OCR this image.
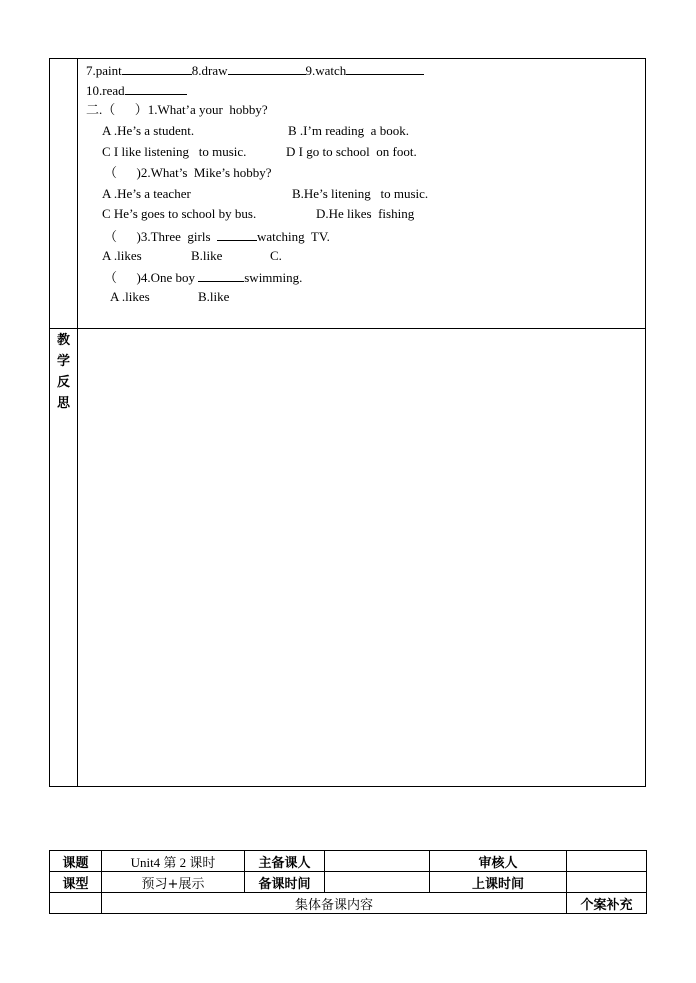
7.paint	8.draw	9.watch
10.read
二.（      ）1.What’a your  hobby?
A .He’s a student.	B .I’m reading  a book.
C I like listening   to music.	D I go to school  on foot.
（      )2.What’s  Mike’s hobby?
A .He’s a teacher	B.He’s litening   to music.
C He’s goes to school by bus.	D.He likes  fishing
（      )3.Three  girls	watching  TV.
A .likes	B.like	C.
（      )4.One boy	swimming.
A .likes	B.like
教
学
反
思
课题	Unit4 第 2 课时	主备课人		审核人	
课型	预习+展示	备课时间		上课时间	
	集体备课内容				个案补充
